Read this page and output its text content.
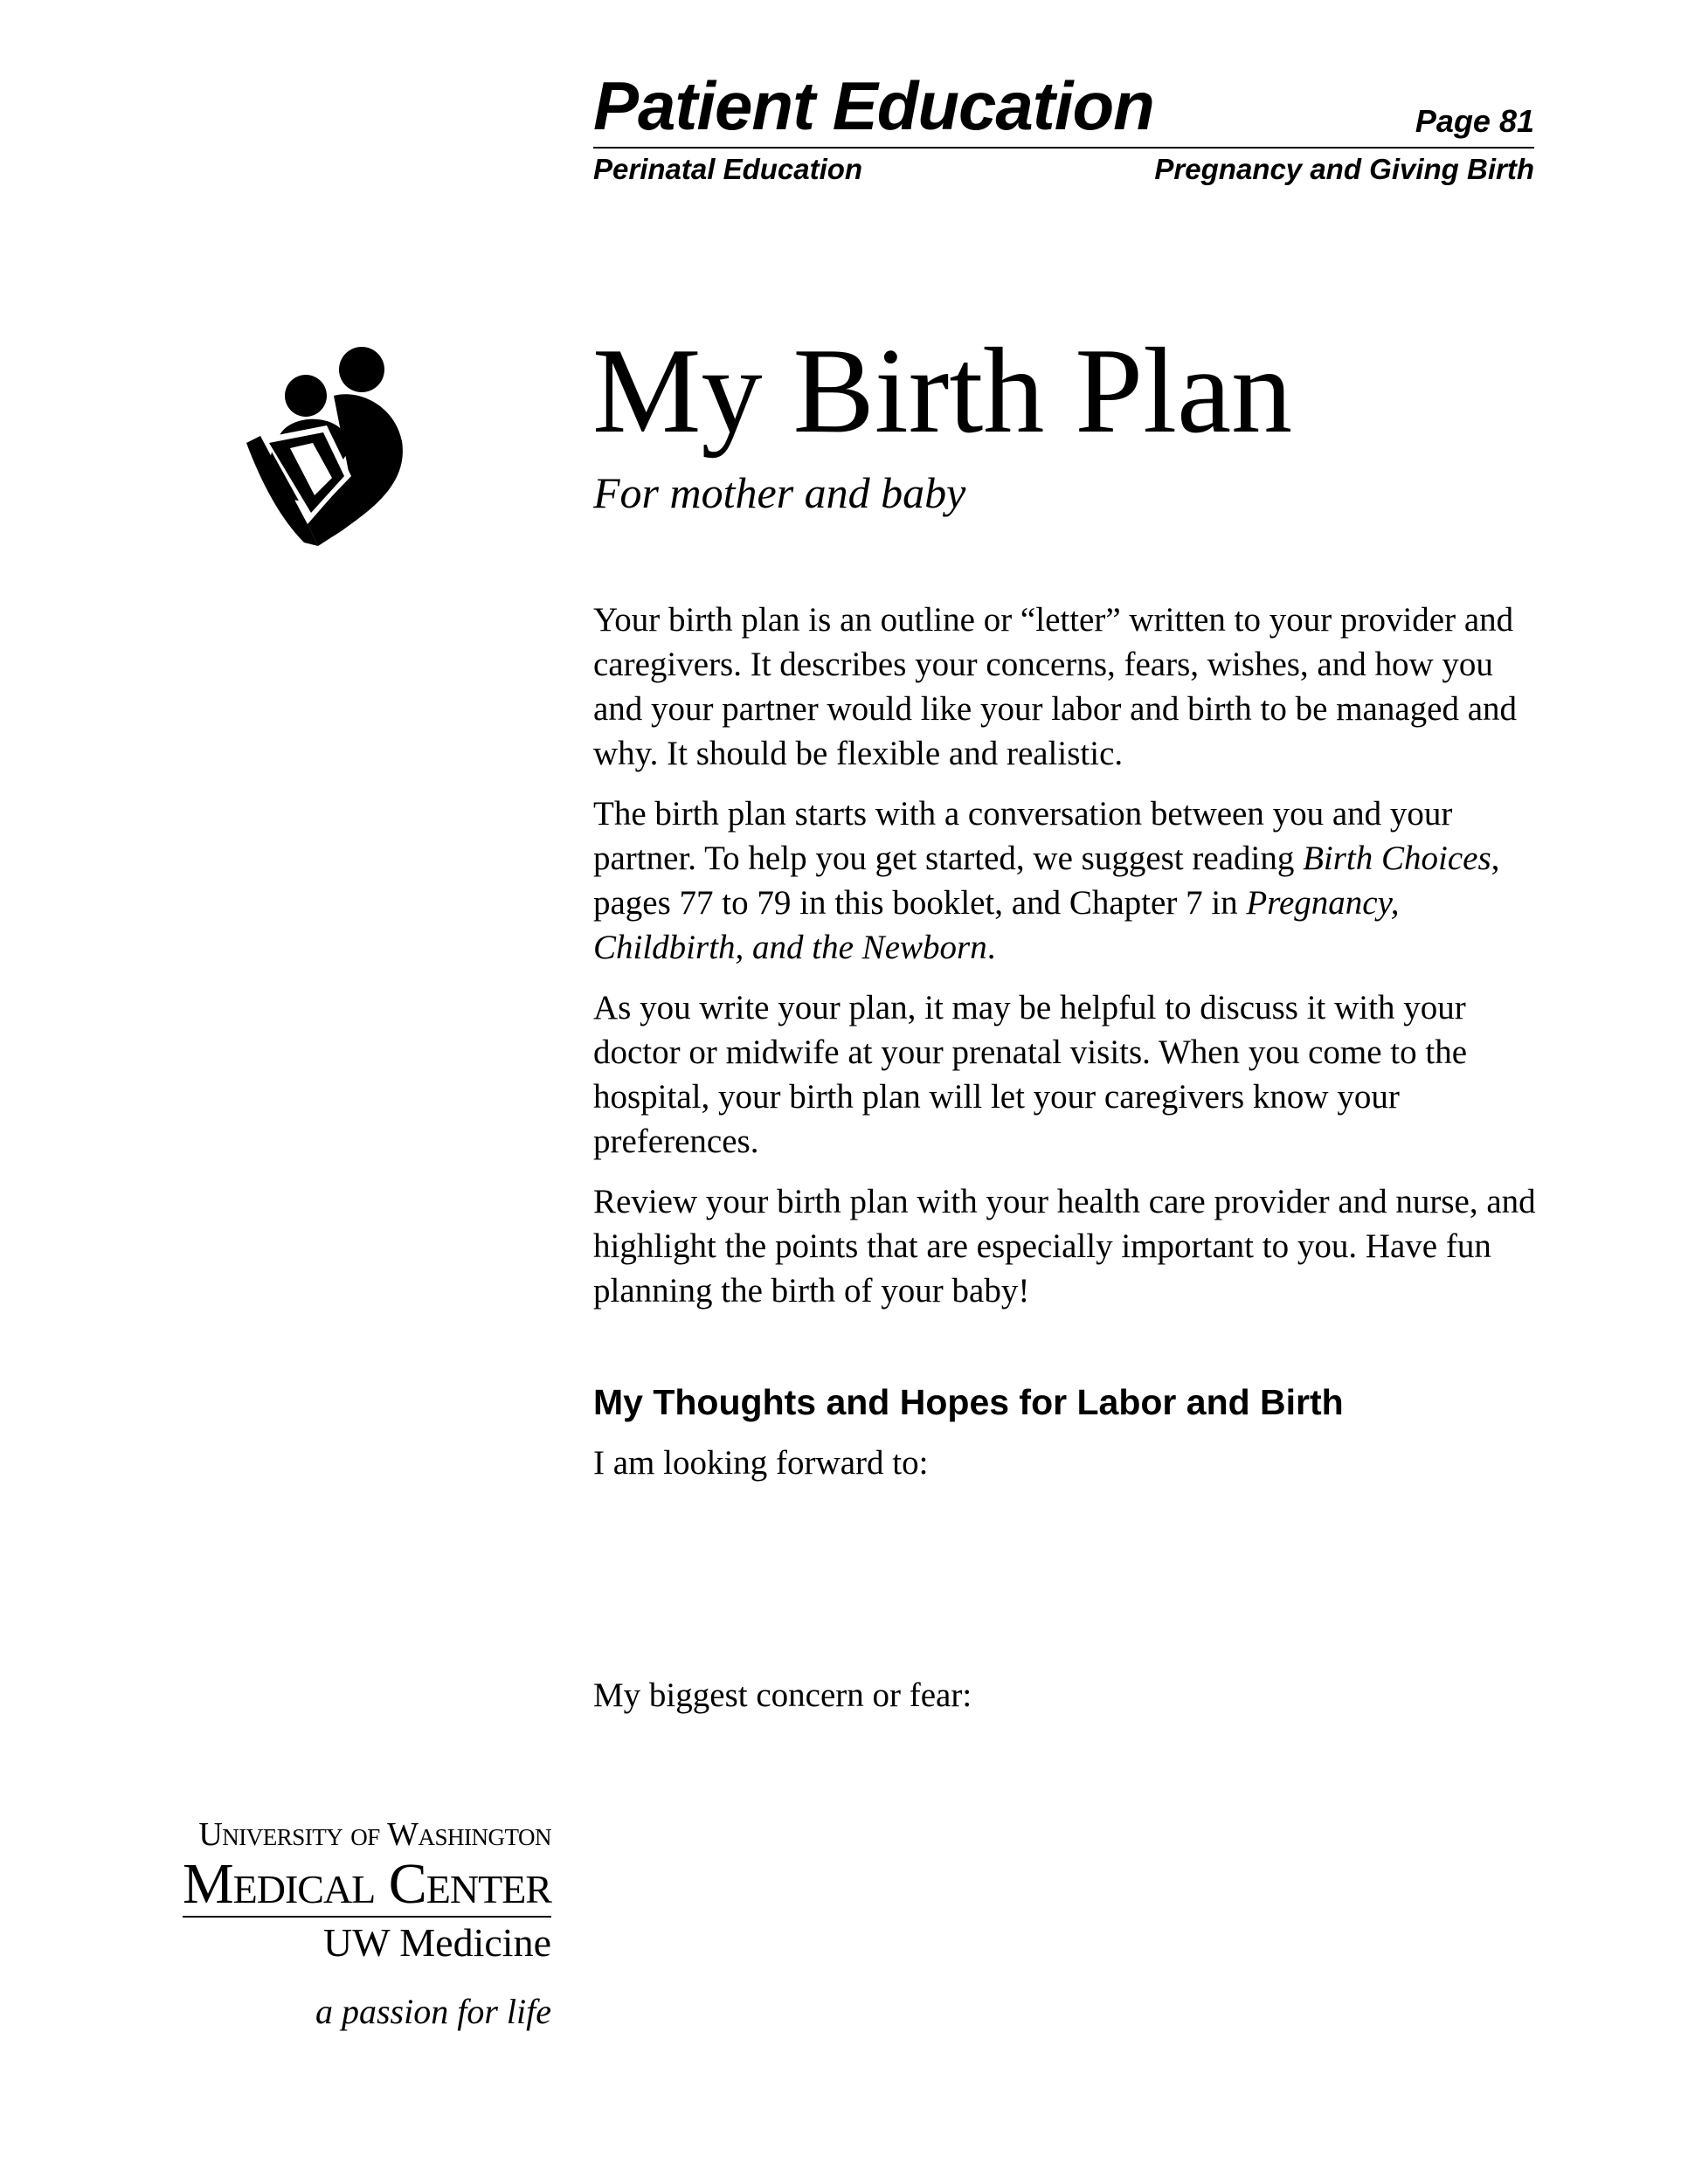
Patient Education	Page 81
Perinatal Education	Pregnancy and Giving Birth
My Birth Plan
For mother and baby

Your birth plan is an outline or “letter” written to your provider and caregivers. It describes your concerns, fears, wishes, and how you and your partner would like your labor and birth to be managed and why. It should be flexible and realistic.

The birth plan starts with a conversation between you and your partner. To help you get started, we suggest reading Birth Choices, pages 77 to 79 in this booklet, and Chapter 7 in Pregnancy, Childbirth, and the Newborn.

As you write your plan, it may be helpful to discuss it with your doctor or midwife at your prenatal visits. When you come to the hospital, your birth plan will let your caregivers know your preferences.

Review your birth plan with your health care provider and nurse, and highlight the points that are especially important to you. Have fun planning the birth of your baby!

My Thoughts and Hopes for Labor and Birth
I am looking forward to:
My biggest concern or fear:
University of Washington
Medical Center
UW Medicine
a passion for life
